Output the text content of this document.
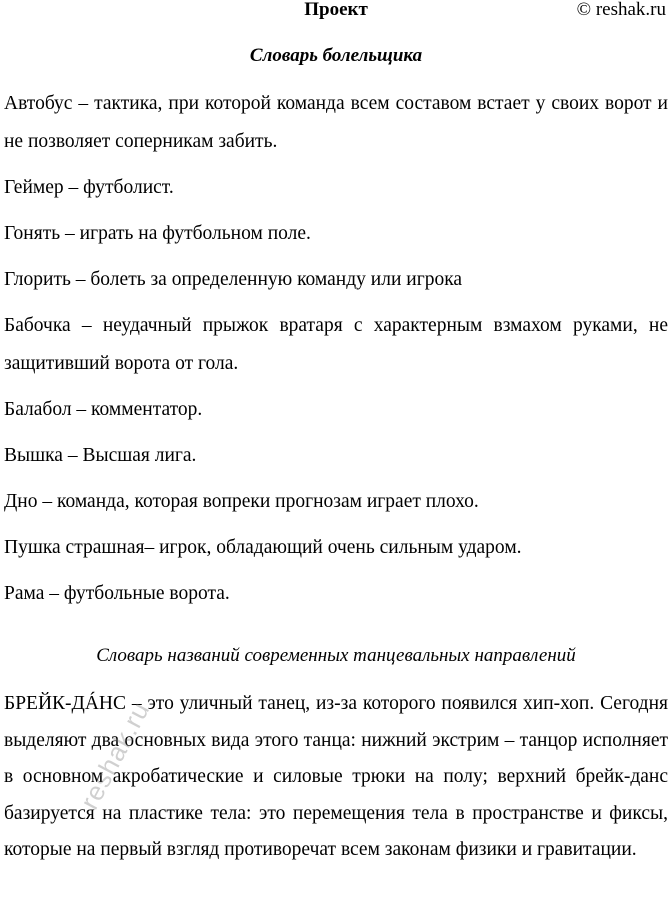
Проект	© reshak.ru
Словарь болельщика

Автобус – тактика, при которой команда всем составом встает у своих ворот и не позволяет соперникам забить.

Геймер – футболист.

Гонять – играть на футбольном поле.

Глорить – болеть за определенную команду или игрока

Бабочка – неудачный прыжок вратаря с характерным взмахом руками, не защитивший ворота от гола.

Балабол – комментатор.

Вышка – Высшая лига.

Дно – команда, которая вопреки прогнозам играет плохо.

Пушка страшная– игрок, обладающий очень сильным ударом.

Рама – футбольные ворота.

Словарь названий современных танцевальных направлений
БРЕЙК-ДÁНС – это уличный танец, из-за которого появился хип-хоп. Сегодня выделяют два основных вида этого танца: нижний экстрим – танцор исполняет в основном акробатические и силовые трюки на полу; верхний брейк-данс базируется на пластике тела: это перемещения тела в пространстве и фиксы, которые на первый взгляд противоречат всем законам физики и гравитации.
reshak.ru
